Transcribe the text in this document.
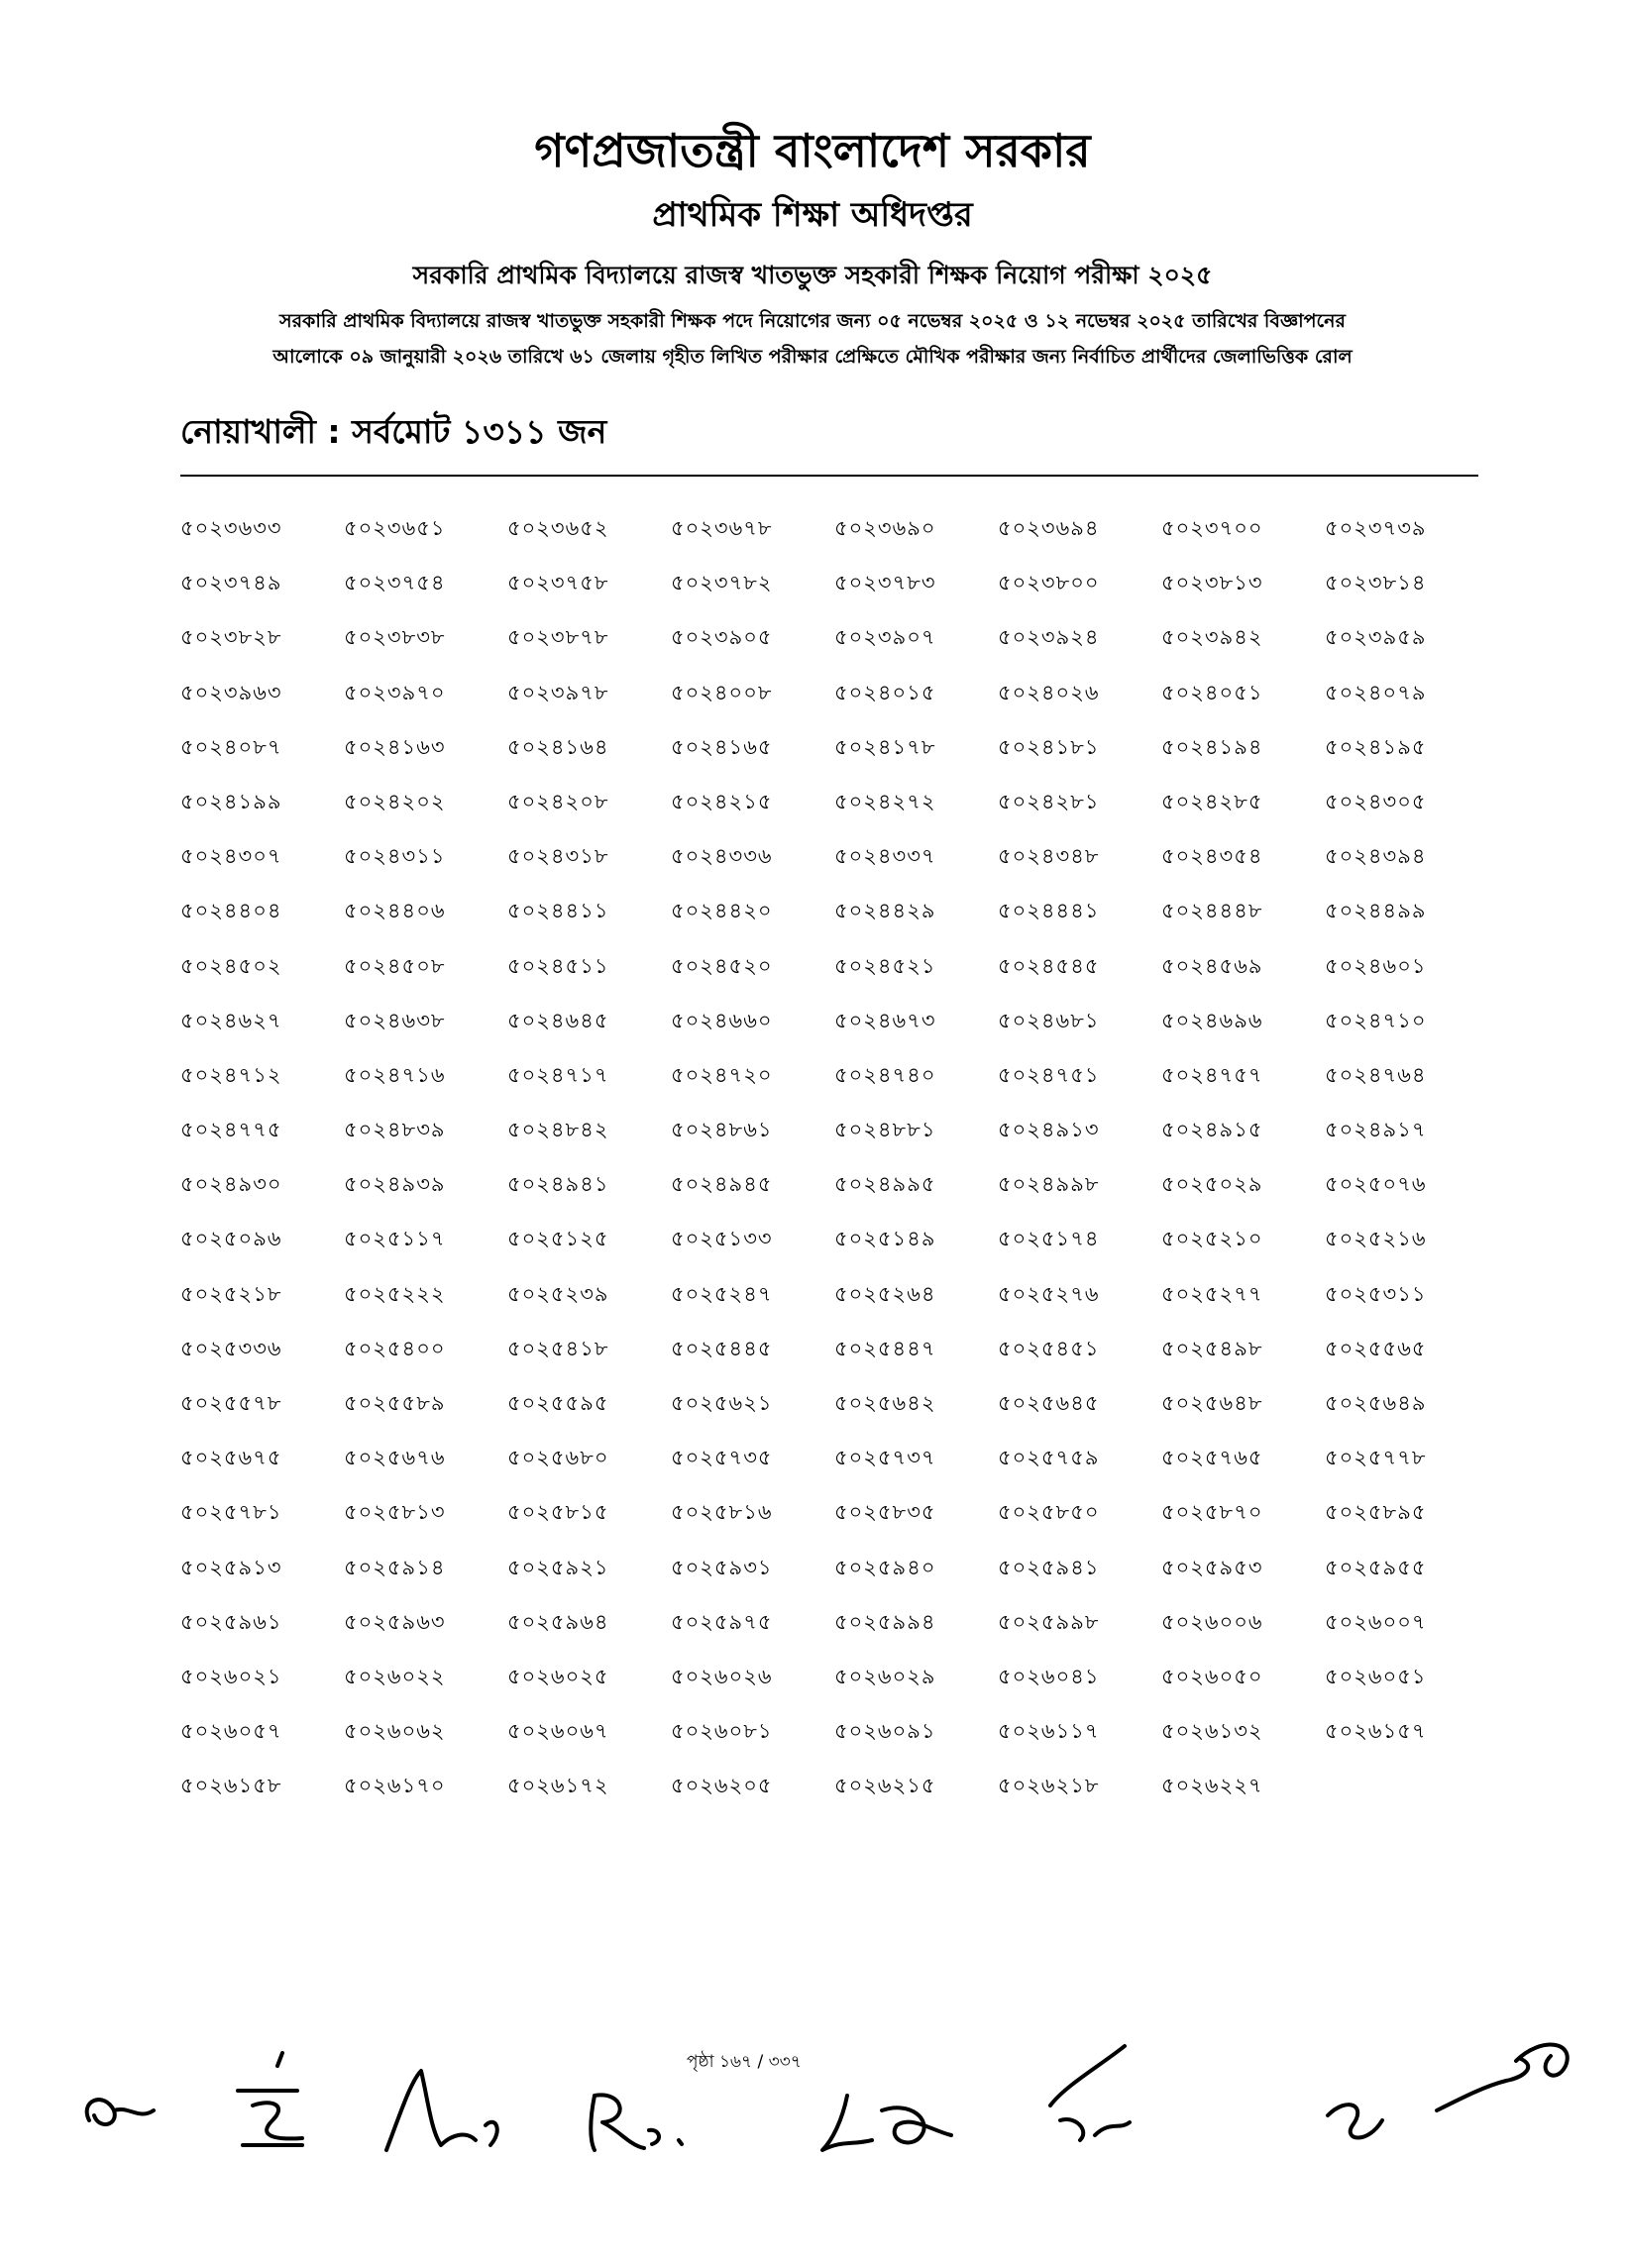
গণপ্রজাতন্ত্রী বাংলাদেশ সরকার
প্রাথমিক শিক্ষা অধিদপ্তর
সরকারি প্রাথমিক বিদ্যালয়ে রাজস্ব খাতভুক্ত সহকারী শিক্ষক নিয়োগ পরীক্ষা ২০২৫
সরকারি প্রাথমিক বিদ্যালয়ে রাজস্ব খাতভুক্ত সহকারী শিক্ষক পদে নিয়োগের জন্য ০৫ নভেম্বর ২০২৫ ও ১২ নভেম্বর ২০২৫ তারিখের বিজ্ঞাপনের
আলোকে ০৯ জানুয়ারী ২০২৬ তারিখে ৬১ জেলায় গৃহীত লিখিত পরীক্ষার প্রেক্ষিতে মৌখিক পরীক্ষার জন্য নির্বাচিত প্রার্থীদের জেলাভিত্তিক রোল
নোয়াখালী : সর্বমোট ১৩১১ জন
৫০২৩৬৩৩	৫০২৩৬৫১	৫০২৩৬৫২	৫০২৩৬৭৮	৫০২৩৬৯০	৫০২৩৬৯৪	৫০২৩৭০০	৫০২৩৭৩৯
৫০২৩৭৪৯	৫০২৩৭৫৪	৫০২৩৭৫৮	৫০২৩৭৮২	৫০২৩৭৮৩	৫০২৩৮০০	৫০২৩৮১৩	৫০২৩৮১৪
৫০২৩৮২৮	৫০২৩৮৩৮	৫০২৩৮৭৮	৫০২৩৯০৫	৫০২৩৯০৭	৫০২৩৯২৪	৫০২৩৯৪২	৫০২৩৯৫৯
৫০২৩৯৬৩	৫০২৩৯৭০	৫০২৩৯৭৮	৫০২৪০০৮	৫০২৪০১৫	৫০২৪০২৬	৫০২৪০৫১	৫০২৪০৭৯
৫০২৪০৮৭	৫০২৪১৬৩	৫০২৪১৬৪	৫০২৪১৬৫	৫০২৪১৭৮	৫০২৪১৮১	৫০২৪১৯৪	৫০২৪১৯৫
৫০২৪১৯৯	৫০২৪২০২	৫০২৪২০৮	৫০২৪২১৫	৫০২৪২৭২	৫০২৪২৮১	৫০২৪২৮৫	৫০২৪৩০৫
৫০২৪৩০৭	৫০২৪৩১১	৫০২৪৩১৮	৫০২৪৩৩৬	৫০২৪৩৩৭	৫০২৪৩৪৮	৫০২৪৩৫৪	৫০২৪৩৯৪
৫০২৪৪০৪	৫০২৪৪০৬	৫০২৪৪১১	৫০২৪৪২০	৫০২৪৪২৯	৫০২৪৪৪১	৫০২৪৪৪৮	৫০২৪৪৯৯
৫০২৪৫০২	৫০২৪৫০৮	৫০২৪৫১১	৫০২৪৫২০	৫০২৪৫২১	৫০২৪৫৪৫	৫০২৪৫৬৯	৫০২৪৬০১
৫০২৪৬২৭	৫০২৪৬৩৮	৫০২৪৬৪৫	৫০২৪৬৬০	৫০২৪৬৭৩	৫০২৪৬৮১	৫০২৪৬৯৬	৫০২৪৭১০
৫০২৪৭১২	৫০২৪৭১৬	৫০২৪৭১৭	৫০২৪৭২০	৫০২৪৭৪০	৫০২৪৭৫১	৫০২৪৭৫৭	৫০২৪৭৬৪
৫০২৪৭৭৫	৫০২৪৮৩৯	৫০২৪৮৪২	৫০২৪৮৬১	৫০২৪৮৮১	৫০২৪৯১৩	৫০২৪৯১৫	৫০২৪৯১৭
৫০২৪৯৩০	৫০২৪৯৩৯	৫০২৪৯৪১	৫০২৪৯৪৫	৫০২৪৯৯৫	৫০২৪৯৯৮	৫০২৫০২৯	৫০২৫০৭৬
৫০২৫০৯৬	৫০২৫১১৭	৫০২৫১২৫	৫০২৫১৩৩	৫০২৫১৪৯	৫০২৫১৭৪	৫০২৫২১০	৫০২৫২১৬
৫০২৫২১৮	৫০২৫২২২	৫০২৫২৩৯	৫০২৫২৪৭	৫০২৫২৬৪	৫০২৫২৭৬	৫০২৫২৭৭	৫০২৫৩১১
৫০২৫৩৩৬	৫০২৫৪০০	৫০২৫৪১৮	৫০২৫৪৪৫	৫০২৫৪৪৭	৫০২৫৪৫১	৫০২৫৪৯৮	৫০২৫৫৬৫
৫০২৫৫৭৮	৫০২৫৫৮৯	৫০২৫৫৯৫	৫০২৫৬২১	৫০২৫৬৪২	৫০২৫৬৪৫	৫০২৫৬৪৮	৫০২৫৬৪৯
৫০২৫৬৭৫	৫০২৫৬৭৬	৫০২৫৬৮০	৫০২৫৭৩৫	৫০২৫৭৩৭	৫০২৫৭৫৯	৫০২৫৭৬৫	৫০২৫৭৭৮
৫০২৫৭৮১	৫০২৫৮১৩	৫০২৫৮১৫	৫০২৫৮১৬	৫০২৫৮৩৫	৫০২৫৮৫০	৫০২৫৮৭০	৫০২৫৮৯৫
৫০২৫৯১৩	৫০২৫৯১৪	৫০২৫৯২১	৫০২৫৯৩১	৫০২৫৯৪০	৫০২৫৯৪১	৫০২৫৯৫৩	৫০২৫৯৫৫
৫০২৫৯৬১	৫০২৫৯৬৩	৫০২৫৯৬৪	৫০২৫৯৭৫	৫০২৫৯৯৪	৫০২৫৯৯৮	৫০২৬০০৬	৫০২৬০০৭
৫০২৬০২১	৫০২৬০২২	৫০২৬০২৫	৫০২৬০২৬	৫০২৬০২৯	৫০২৬০৪১	৫০২৬০৫০	৫০২৬০৫১
৫০২৬০৫৭	৫০২৬০৬২	৫০২৬০৬৭	৫০২৬০৮১	৫০২৬০৯১	৫০২৬১১৭	৫০২৬১৩২	৫০২৬১৫৭
৫০২৬১৫৮	৫০২৬১৭০	৫০২৬১৭২	৫০২৬২০৫	৫০২৬২১৫	৫০২৬২১৮	৫০২৬২২৭
পৃষ্ঠা ১৬৭ / ৩৩৭
